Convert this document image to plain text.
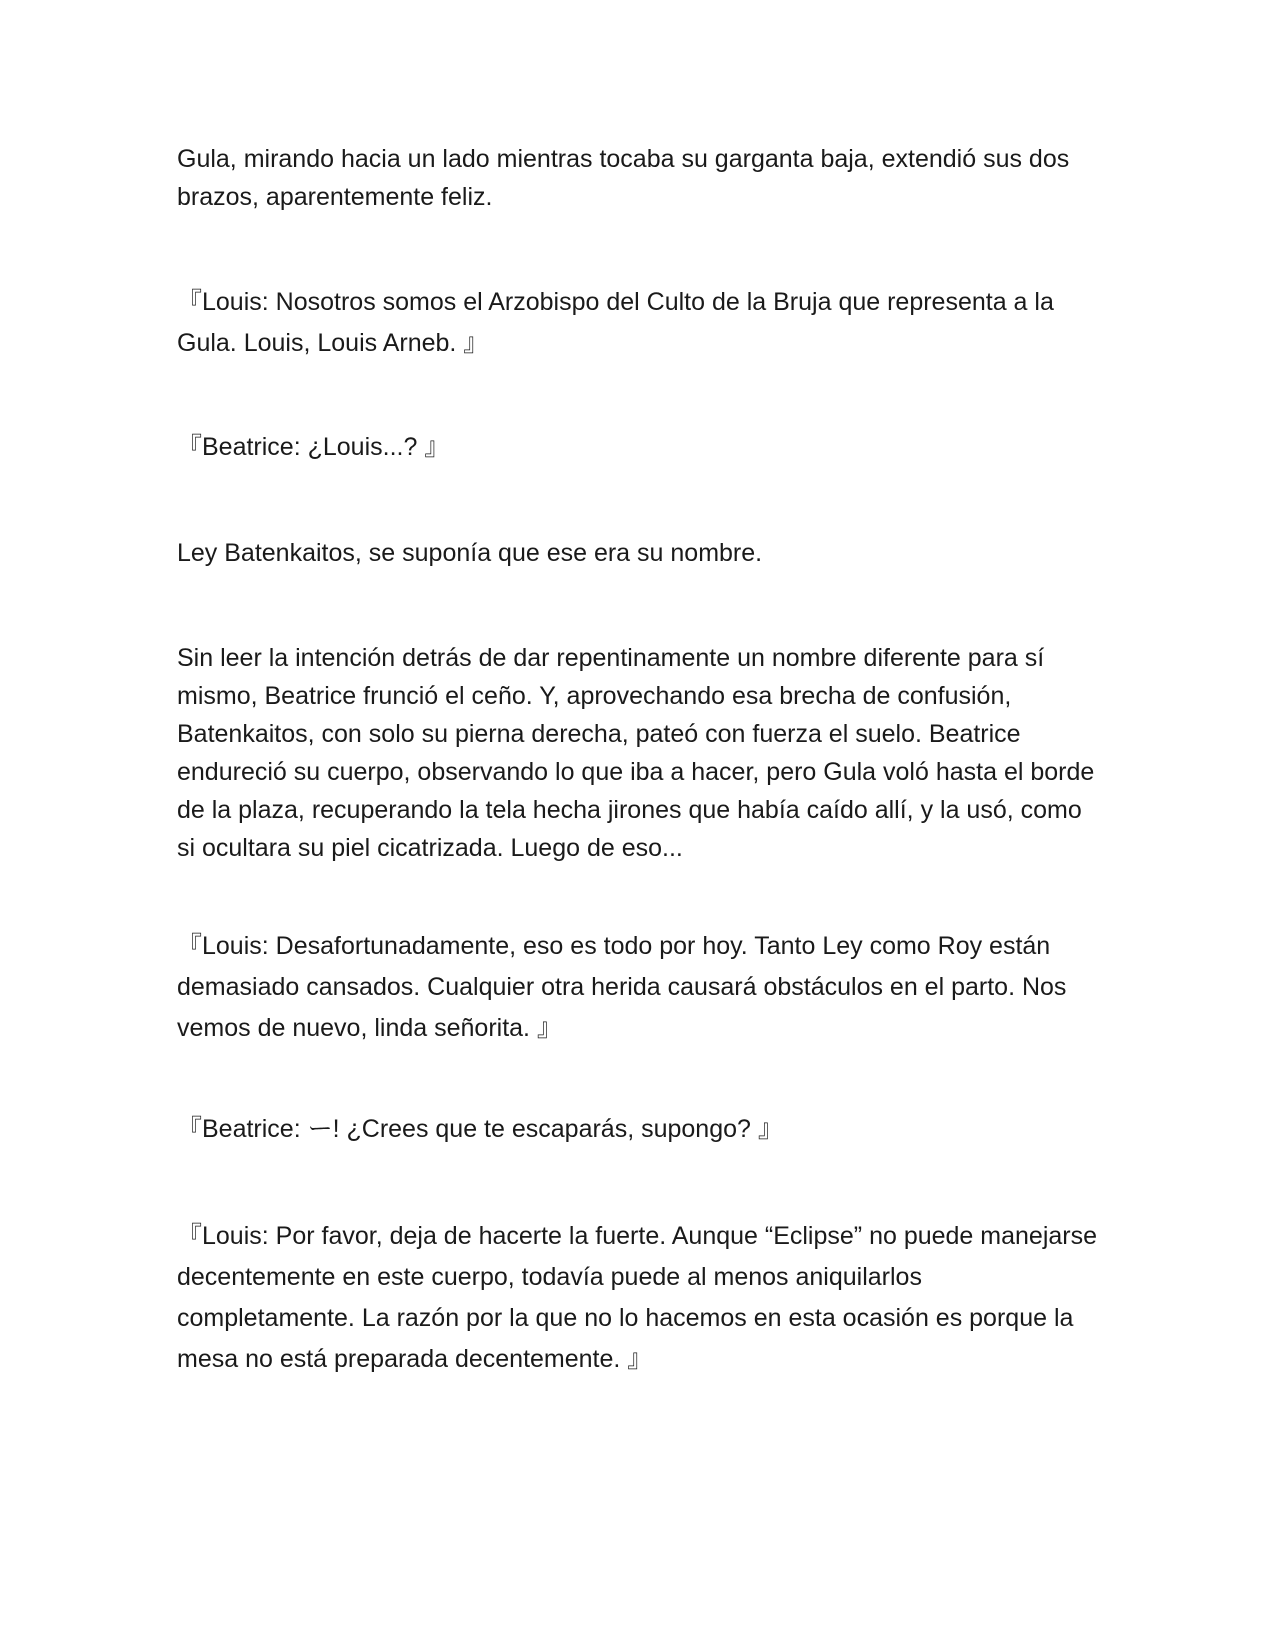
Gula, mirando hacia un lado mientras tocaba su garganta baja, extendió sus dos brazos, aparentemente feliz.

『Louis: Nosotros somos el Arzobispo del Culto de la Bruja que representa a la Gula. Louis, Louis Arneb. 』

『Beatrice: ¿Louis...? 』

Ley Batenkaitos, se suponía que ese era su nombre.

Sin leer la intención detrás de dar repentinamente un nombre diferente para sí mismo, Beatrice frunció el ceño. Y, aprovechando esa brecha de confusión, Batenkaitos, con solo su pierna derecha, pateó con fuerza el suelo. Beatrice endureció su cuerpo, observando lo que iba a hacer, pero Gula voló hasta el borde de la plaza, recuperando la tela hecha jirones que había caído allí, y la usó, como si ocultara su piel cicatrizada. Luego de eso...

『Louis: Desafortunadamente, eso es todo por hoy. Tanto Ley como Roy están demasiado cansados. Cualquier otra herida causará obstáculos en el parto. Nos vemos de nuevo, linda señorita. 』

『Beatrice: ー! ¿Crees que te escaparás, supongo? 』

『Louis: Por favor, deja de hacerte la fuerte. Aunque “Eclipse” no puede manejarse decentemente en este cuerpo, todavía puede al menos aniquilarlos completamente. La razón por la que no lo hacemos en esta ocasión es porque la mesa no está preparada decentemente. 』
